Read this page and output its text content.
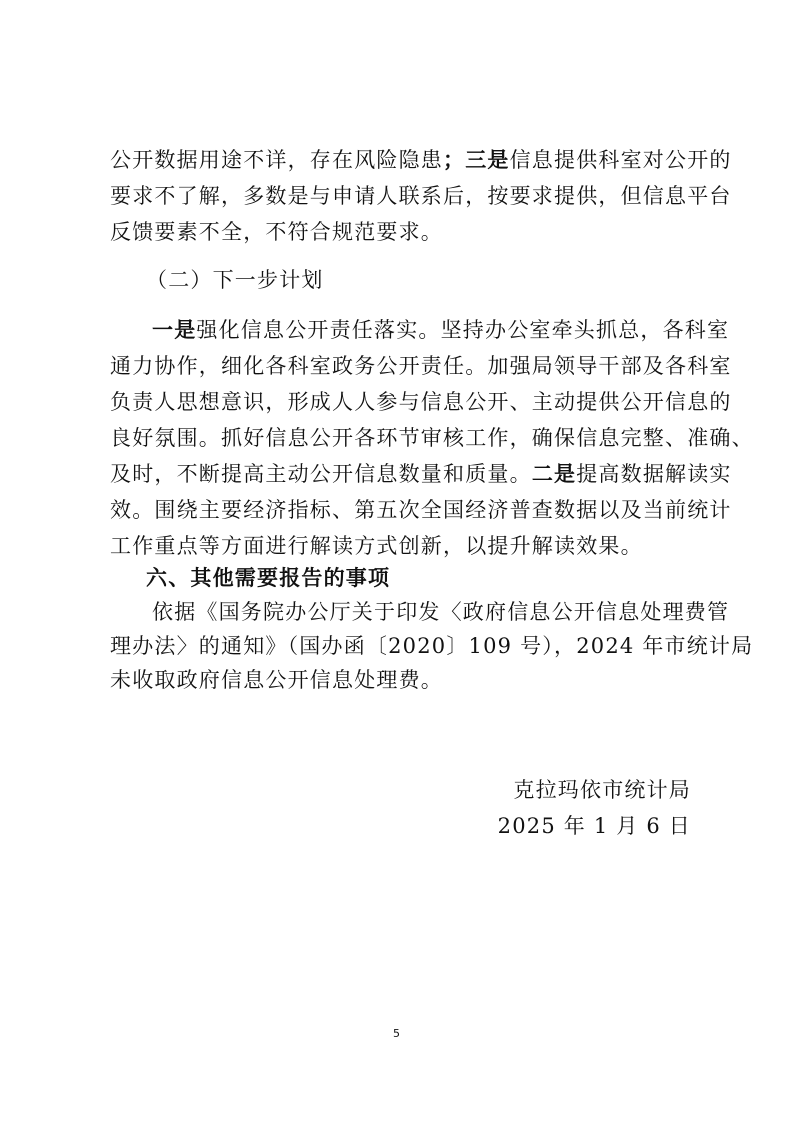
公开数据用途不详，存在风险隐患；三是信息提供科室对公开的
要求不了解，多数是与申请人联系后，按要求提供，但信息平台
反馈要素不全，不符合规范要求。
（二）下一步计划
一是强化信息公开责任落实。坚持办公室牵头抓总，各科室
通力协作，细化各科室政务公开责任。加强局领导干部及各科室
负责人思想意识，形成人人参与信息公开、主动提供公开信息的
良好氛围。抓好信息公开各环节审核工作，确保信息完整、准确、
及时，不断提高主动公开信息数量和质量。二是提高数据解读实
效。围绕主要经济指标、第五次全国经济普查数据以及当前统计
工作重点等方面进行解读方式创新，以提升解读效果。
六、其他需要报告的事项
依据《国务院办公厅关于印发〈政府信息公开信息处理费管
理办法〉的通知》（国办函〔2020〕109 号），2024 年市统计局
未收取政府信息公开信息处理费。
克拉玛依市统计局
2025 年 1 月 6 日
5
